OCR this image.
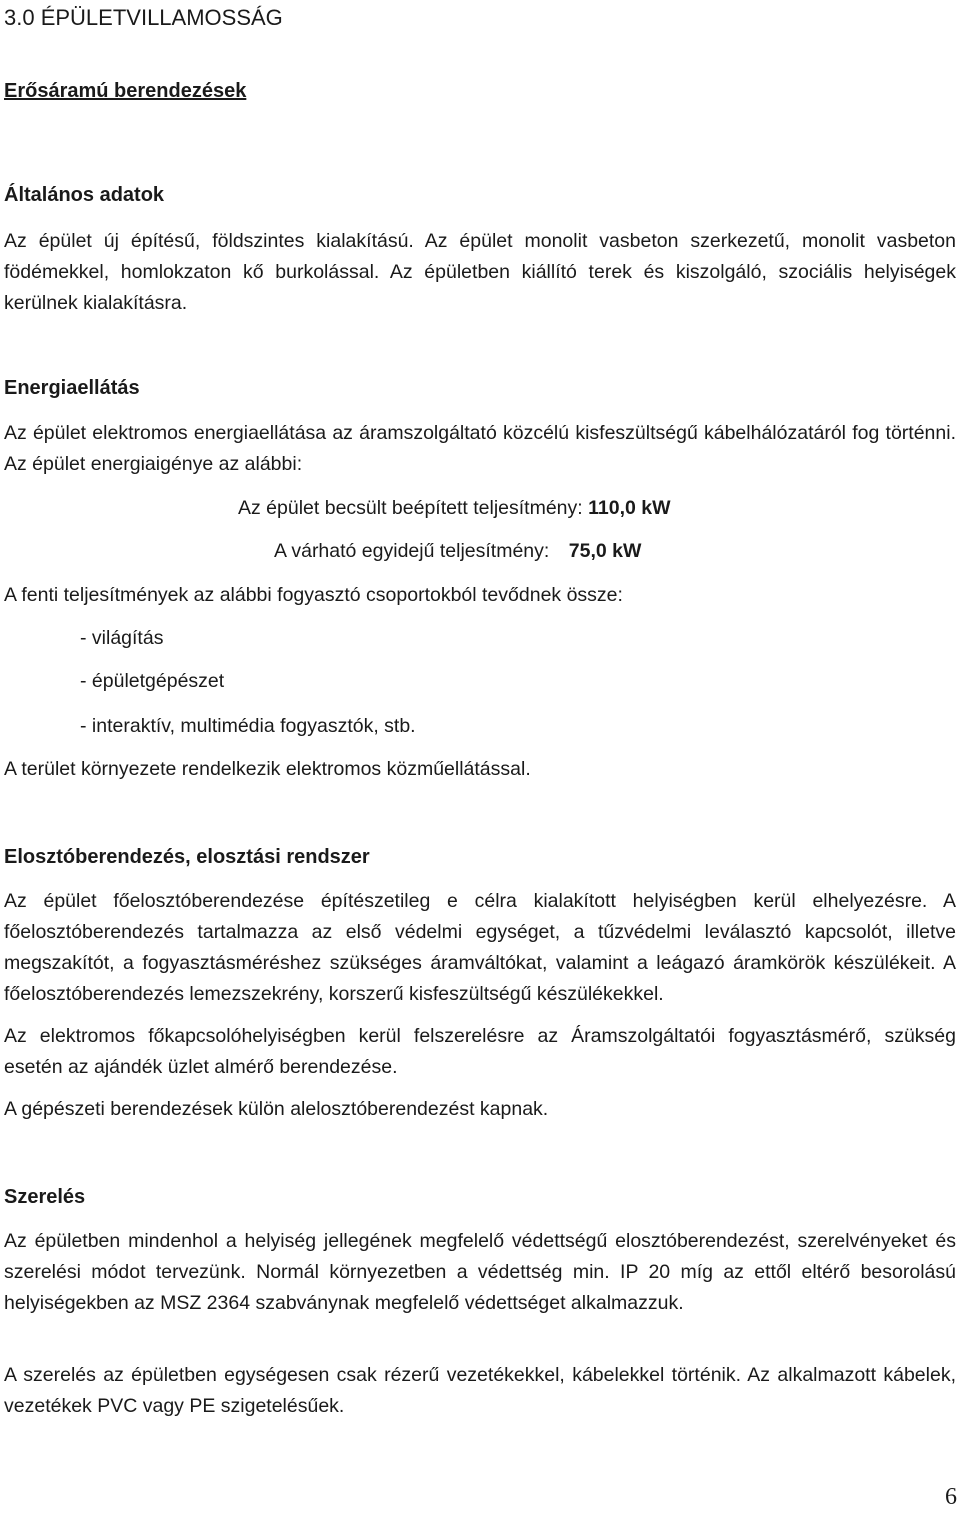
3.0 ÉPÜLETVILLAMOSSÁG
Erősáramú berendezések
Általános adatok
Az épület új építésű, földszintes kialakítású. Az épület monolit vasbeton szerkezetű, monolit vasbeton födémekkel, homlokzaton kő burkolással. Az épületben kiállító terek és kiszolgáló, szociális helyiségek kerülnek kialakításra.
Energiaellátás
Az épület elektromos energiaellátása az áramszolgáltató közcélú kisfeszültségű kábelhálózatáról fog történni. Az épület energiaigénye az alábbi:
Az épület becsült beépített teljesítmény: 110,0 kW
A várható egyidejű teljesítmény: 75,0 kW
A fenti teljesítmények az alábbi fogyasztó csoportokból tevődnek össze:
- világítás
- épületgépészet
- interaktív, multimédia fogyasztók, stb.
A terület környezete rendelkezik elektromos közműellátással.
Elosztóberendezés, elosztási rendszer
Az épület főelosztóberendezése építészetileg e célra kialakított helyiségben kerül elhelyezésre. A főelosztóberendezés tartalmazza az első védelmi egységet, a tűzvédelmi leválasztó kapcsolót, illetve megszakítót, a fogyasztásméréshez szükséges áramváltókat, valamint a leágazó áramkörök készülékeit. A főelosztóberendezés lemezszekrény, korszerű kisfeszültségű készülékekkel.
Az elektromos főkapcsolóhelyiségben kerül felszerelésre az Áramszolgáltatói fogyasztásmérő, szükség esetén az ajándék üzlet almérő berendezése.
A gépészeti berendezések külön alelosztóberendezést kapnak.
Szerelés
Az épületben mindenhol a helyiség jellegének megfelelő védettségű elosztóberendezést, szerelvényeket és szerelési módot tervezünk. Normál környezetben a védettség min. IP 20 míg az ettől eltérő besorolású helyiségekben az MSZ 2364 szabványnak megfelelő védettséget alkalmazzuk.
A szerelés az épületben egységesen csak rézerű vezetékekkel, kábelekkel történik. Az alkalmazott kábelek, vezetékek PVC vagy PE szigetelésűek.
6
